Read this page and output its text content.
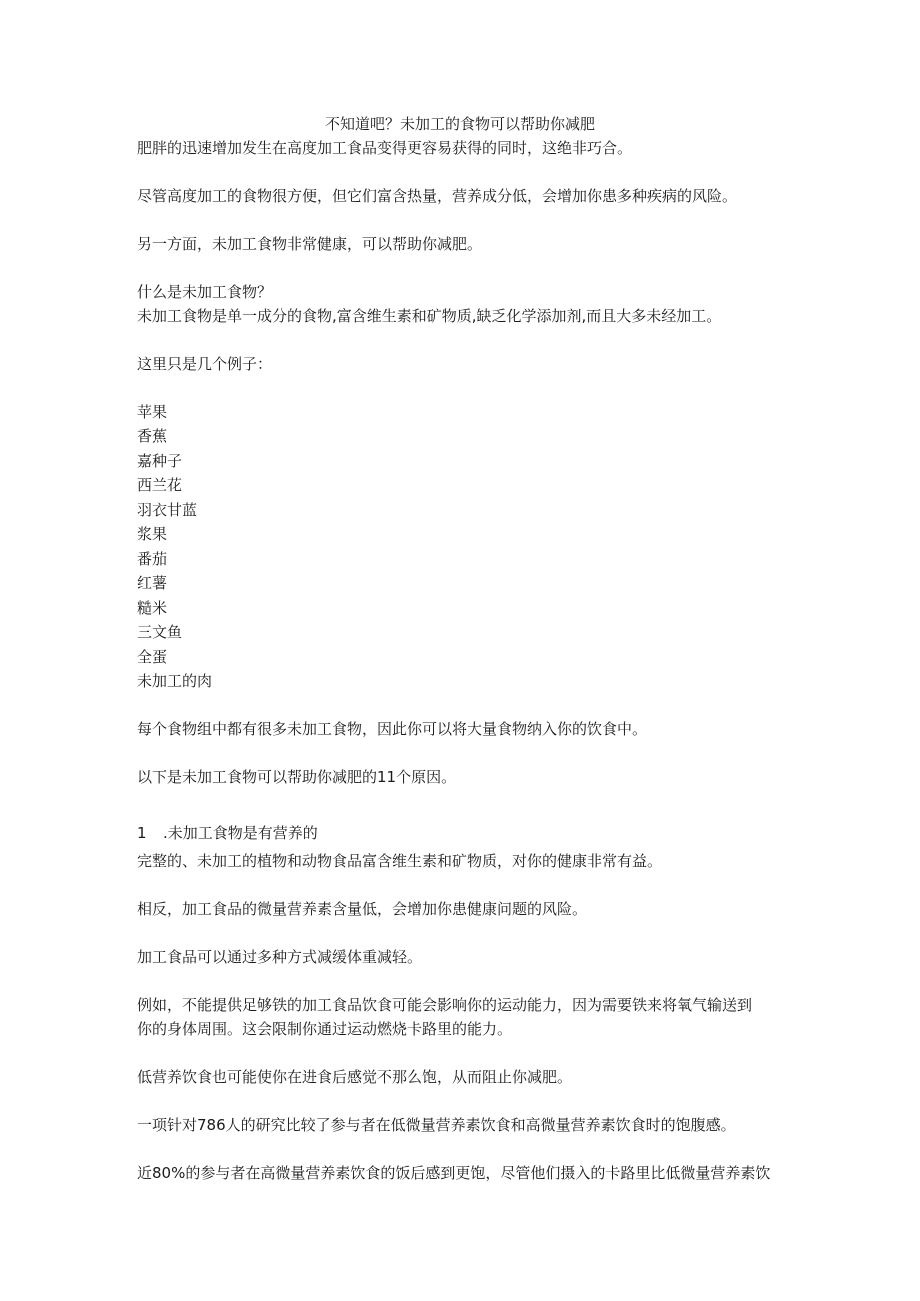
不知道吧？未加工的食物可以帮助你减肥
肥胖的迅速增加发生在高度加工食品变得更容易获得的同时，这绝非巧合。
尽管高度加工的食物很方便，但它们富含热量，营养成分低，会增加你患多种疾病的风险。
另一方面，未加工食物非常健康，可以帮助你减肥。
什么是未加工食物？
未加工食物是单一成分的食物,富含维生素和矿物质,缺乏化学添加剂,而且大多未经加工。
这里只是几个例子：
苹果
香蕉
嘉种子
西兰花
羽衣甘蓝
浆果
番茄
红薯
糙米
三文鱼
全蛋
未加工的肉
每个食物组中都有很多未加工食物，因此你可以将大量食物纳入你的饮食中。
以下是未加工食物可以帮助你减肥的11个原因。
1 .未加工食物是有营养的
完整的、未加工的植物和动物食品富含维生素和矿物质，对你的健康非常有益。
相反，加工食品的微量营养素含量低，会增加你患健康问题的风险。
加工食品可以通过多种方式减缓体重减轻。
例如，不能提供足够铁的加工食品饮食可能会影响你的运动能力，因为需要铁来将氧气输送到
你的身体周围。这会限制你通过运动燃烧卡路里的能力。
低营养饮食也可能使你在进食后感觉不那么饱，从而阻止你减肥。
一项针对786人的研究比较了参与者在低微量营养素饮食和高微量营养素饮食时的饱腹感。
近80%的参与者在高微量营养素饮食的饭后感到更饱，尽管他们摄入的卡路里比低微量营养素饮
